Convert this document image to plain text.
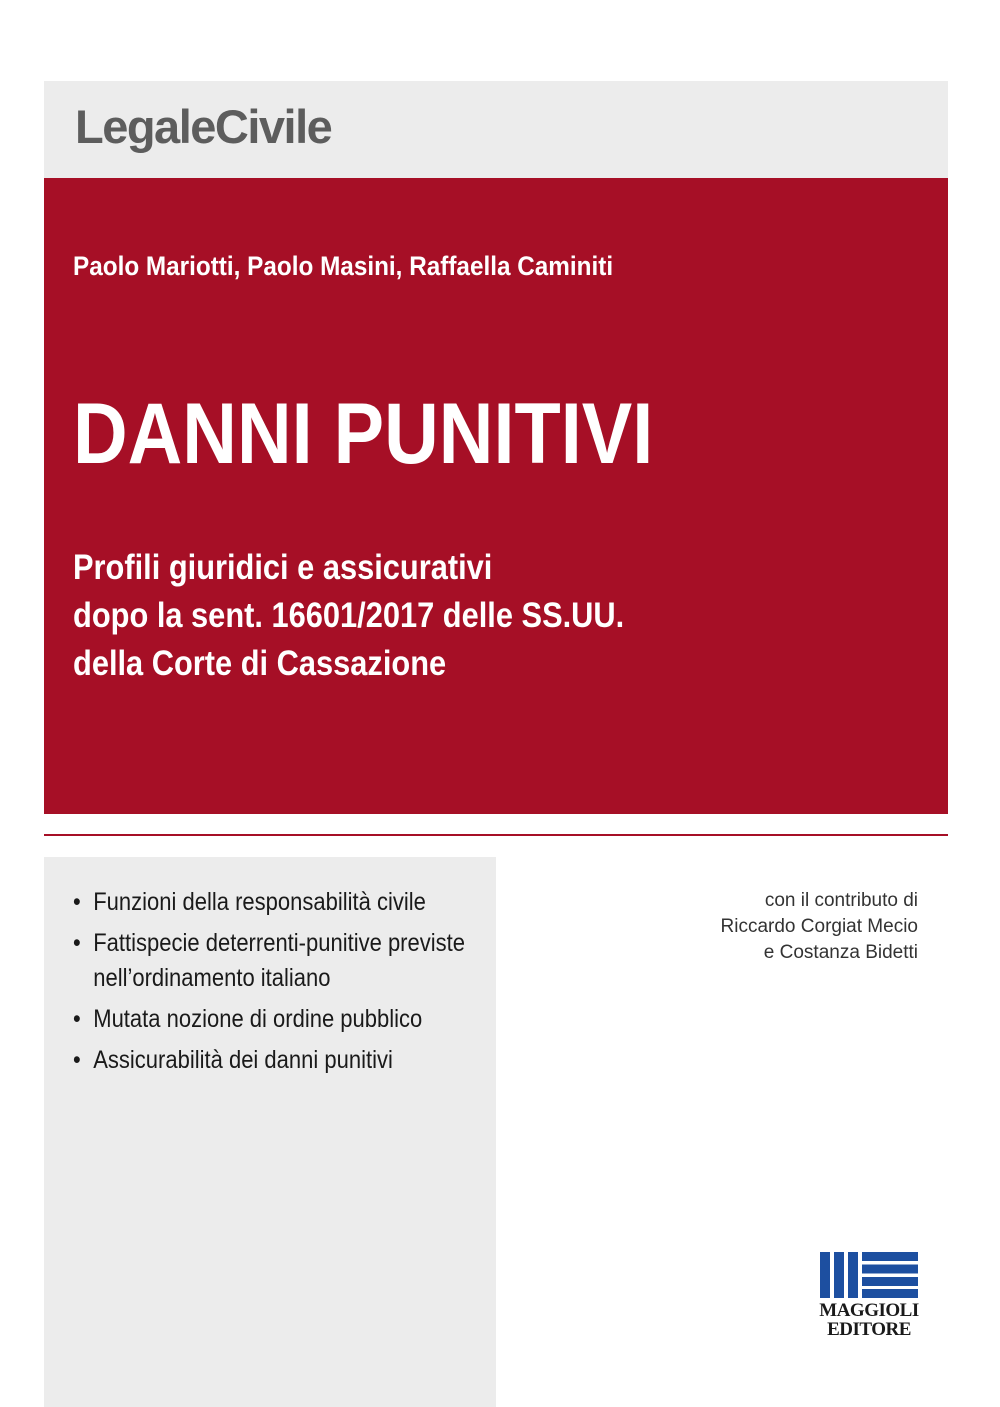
LegaleCivile
Paolo Mariotti, Paolo Masini, Raffaella Caminiti
DANNI PUNITIVI
Profili giuridici e assicurativi
dopo la sent. 16601/2017 delle SS.UU.
della Corte di Cassazione
• Funzioni della responsabilità civile
• Fattispecie deterrenti-punitive previste
nell’ordinamento italiano
• Mutata nozione di ordine pubblico
• Assicurabilità dei danni punitivi
con il contributo di
Riccardo Corgiat Mecio
e Costanza Bidetti
MAGGIOLI
EDITORE
